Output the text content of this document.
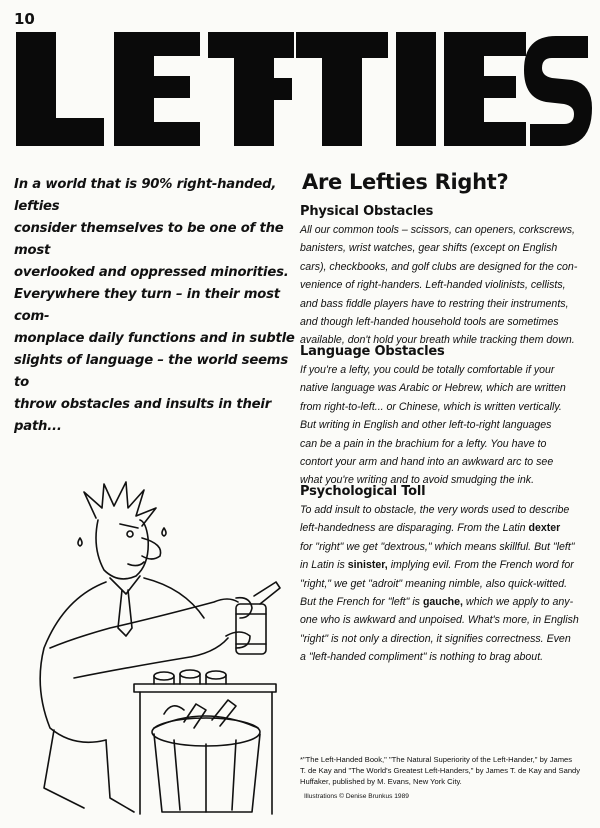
10
In a world that is 90% right-handed, lefties
consider themselves to be one of the most
overlooked and oppressed minorities.
Everywhere they turn – in their most com-
monplace daily functions and in subtle
slights of language – the world seems to
throw obstacles and insults in their path...
Are Lefties Right?
Physical Obstacles

All our common tools – scissors, can openers, corkscrews,
banisters, wrist watches, gear shifts (except on English
cars), checkbooks, and golf clubs are designed for the con-
venience of right-handers. Left-handed violinists, cellists,
and bass fiddle players have to restring their instruments,
and though left-handed household tools are sometimes
available, don't hold your breath while tracking them down.

Language Obstacles

If you're a lefty, you could be totally comfortable if your
native language was Arabic or Hebrew, which are written
from right-to-left... or Chinese, which is written vertically.
But writing in English and other left-to-right languages
can be a pain in the brachium for a lefty. You have to
contort your arm and hand into an awkward arc to see
what you're writing and to avoid smudging the ink.

Psychological Toll

To add insult to obstacle, the very words used to describe
left-handedness are disparaging. From the Latin dexter
for "right" we get "dextrous," which means skillful. But "left"
in Latin is sinister, implying evil. From the French word for
"right," we get "adroit" meaning nimble, also quick-witted.
But the French for "left" is gauche, which we apply to any-
one who is awkward and unpoised. What's more, in English
"right" is not only a direction, it signifies correctness. Even
a "left-handed compliment" is nothing to brag about.

*"The Left-Handed Book," "The Natural Superiority of the Left-Hander," by James
T. de Kay and "The World's Greatest Left-Handers," by James T. de Kay and Sandy
Huffaker, published by M. Evans, New York City.
Illustrations © Denise Brunkus 1989
